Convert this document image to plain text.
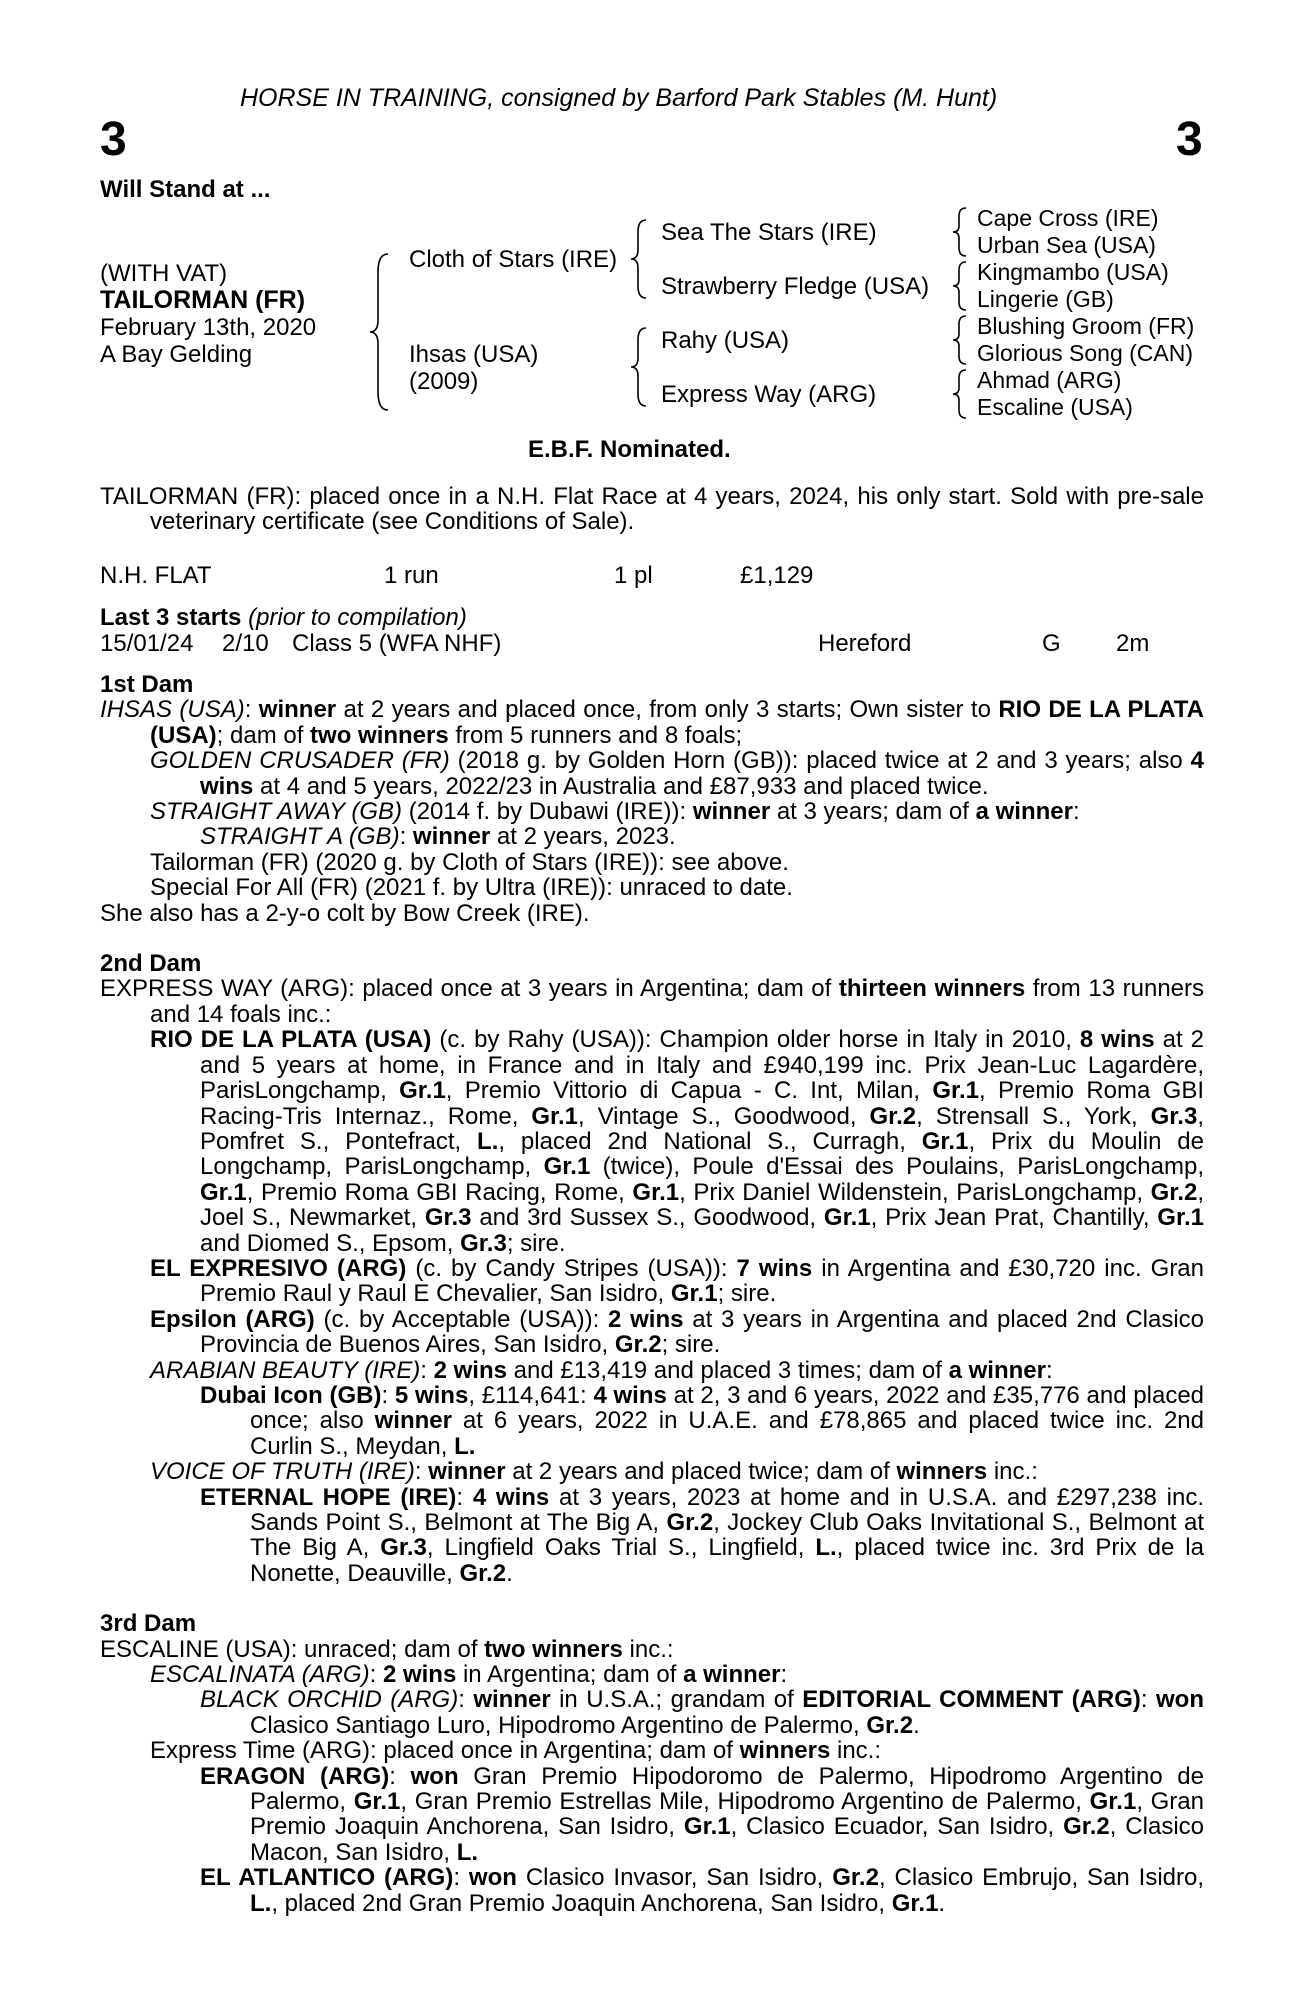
HORSE IN TRAINING, consigned by Barford Park Stables (M. Hunt)
3	3
Will Stand at ...
(WITH VAT)
TAILORMAN (FR)
February 13th, 2020
A Bay Gelding
Cloth of Stars (IRE)
Ihsas (USA)
(2009)
Sea The Stars (IRE)
Strawberry Fledge (USA)
Rahy (USA)
Express Way (ARG)
Cape Cross (IRE)
Urban Sea (USA)
Kingmambo (USA)
Lingerie (GB)
Blushing Groom (FR)
Glorious Song (CAN)
Ahmad (ARG)
Escaline (USA)
E.B.F. Nominated.

TAILORMAN (FR): placed once in a N.H. Flat Race at 4 years, 2024, his only start. Sold with pre-sale veterinary certificate (see Conditions of Sale).

N.H. FLAT	1 run	1 pl	£1,129
Last 3 starts (prior to compilation)
15/01/24 2/10 Class 5 (WFA NHF)	Hereford	G 2m

1st Dam

IHSAS (USA): winner at 2 years and placed once, from only 3 starts; Own sister to RIO DE LA PLATA (USA); dam of two winners from 5 runners and 8 foals;

GOLDEN CRUSADER (FR) (2018 g. by Golden Horn (GB)): placed twice at 2 and 3 years; also 4 wins at 4 and 5 years, 2022/23 in Australia and £87,933 and placed twice.

STRAIGHT AWAY (GB) (2014 f. by Dubawi (IRE)): winner at 3 years; dam of a winner:

STRAIGHT A (GB): winner at 2 years, 2023.

Tailorman (FR) (2020 g. by Cloth of Stars (IRE)): see above.

Special For All (FR) (2021 f. by Ultra (IRE)): unraced to date.

She also has a 2-y-o colt by Bow Creek (IRE).

2nd Dam

EXPRESS WAY (ARG): placed once at 3 years in Argentina; dam of thirteen winners from 13 runners and 14 foals inc.:

RIO DE LA PLATA (USA) (c. by Rahy (USA)): Champion older horse in Italy in 2010, 8 wins at 2 and 5 years at home, in France and in Italy and £940,199 inc. Prix Jean-Luc Lagardère, ParisLongchamp, Gr.1, Premio Vittorio di Capua - C. Int, Milan, Gr.1, Premio Roma GBI Racing-Tris Internaz., Rome, Gr.1, Vintage S., Goodwood, Gr.2, Strensall S., York, Gr.3, Pomfret S., Pontefract, L., placed 2nd National S., Curragh, Gr.1, Prix du Moulin de Longchamp, ParisLongchamp, Gr.1 (twice), Poule d'Essai des Poulains, ParisLongchamp, Gr.1, Premio Roma GBI Racing, Rome, Gr.1, Prix Daniel Wildenstein, ParisLongchamp, Gr.2, Joel S., Newmarket, Gr.3 and 3rd Sussex S., Goodwood, Gr.1, Prix Jean Prat, Chantilly, Gr.1 and Diomed S., Epsom, Gr.3; sire.

EL EXPRESIVO (ARG) (c. by Candy Stripes (USA)): 7 wins in Argentina and £30,720 inc. Gran Premio Raul y Raul E Chevalier, San Isidro, Gr.1; sire.

Epsilon (ARG) (c. by Acceptable (USA)): 2 wins at 3 years in Argentina and placed 2nd Clasico Provincia de Buenos Aires, San Isidro, Gr.2; sire.

ARABIAN BEAUTY (IRE): 2 wins and £13,419 and placed 3 times; dam of a winner:

Dubai Icon (GB): 5 wins, £114,641: 4 wins at 2, 3 and 6 years, 2022 and £35,776 and placed once; also winner at 6 years, 2022 in U.A.E. and £78,865 and placed twice inc. 2nd Curlin S., Meydan, L.

VOICE OF TRUTH (IRE): winner at 2 years and placed twice; dam of winners inc.:

ETERNAL HOPE (IRE): 4 wins at 3 years, 2023 at home and in U.S.A. and £297,238 inc. Sands Point S., Belmont at The Big A, Gr.2, Jockey Club Oaks Invitational S., Belmont at The Big A, Gr.3, Lingfield Oaks Trial S., Lingfield, L., placed twice inc. 3rd Prix de la Nonette, Deauville, Gr.2.

3rd Dam

ESCALINE (USA): unraced; dam of two winners inc.:

ESCALINATA (ARG): 2 wins in Argentina; dam of a winner:

BLACK ORCHID (ARG): winner in U.S.A.; grandam of EDITORIAL COMMENT (ARG): won Clasico Santiago Luro, Hipodromo Argentino de Palermo, Gr.2.

Express Time (ARG): placed once in Argentina; dam of winners inc.:

ERAGON (ARG): won Gran Premio Hipodoromo de Palermo, Hipodromo Argentino de Palermo, Gr.1, Gran Premio Estrellas Mile, Hipodromo Argentino de Palermo, Gr.1, Gran Premio Joaquin Anchorena, San Isidro, Gr.1, Clasico Ecuador, San Isidro, Gr.2, Clasico Macon, San Isidro, L.

EL ATLANTICO (ARG): won Clasico Invasor, San Isidro, Gr.2, Clasico Embrujo, San Isidro, L., placed 2nd Gran Premio Joaquin Anchorena, San Isidro, Gr.1.
